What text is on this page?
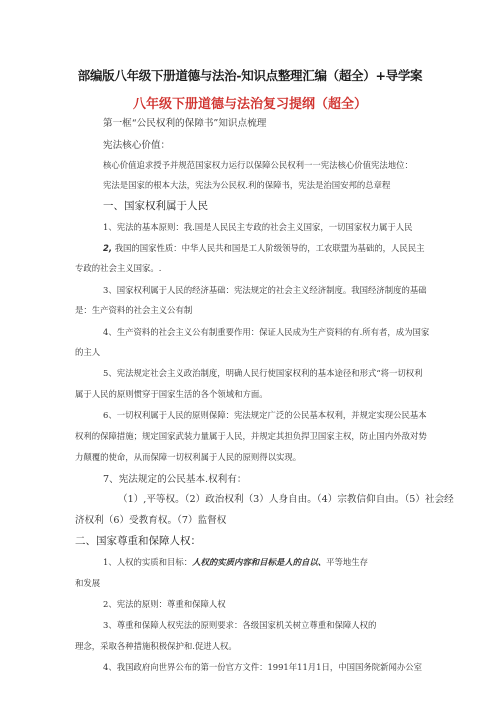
部编版八年级下册道德与法治-知识点整理汇编（超全）+导学案
八年级下册道德与法治复习提纲（超全）
第一框“公民权利的保障书”知识点梳理
宪法核心价值：
核心价值追求授予并规范国家权力运行以保障公民权利一一宪法核心价值宪法地位：
宪法是国家的根本大法，宪法为公民权.利的保障书，宪法是治国安邦的总章程
一、国家权利属于人民
1、宪法的基本原则：我.国是人民民主专政的社会主义国家，一切国家权力属于人民
2, 我国的国家性质：中华人民共和国是工人阶级领导的，工农联盟为基础的，人民民主
专政的社会主义国家。.
3、国家权利属于人民的经济基础：宪法规定的社会主义经济制度。我国经济制度的基础
是：生产资料的社会主义公有制
4、生产资料的社会主义公有制重要作用：保证人民成为生产资料的有.所有者，成为国家
的主人
5、宪法规定社会主义政治制度，明确人民行使国家权利的基本途径和形式“将一切权利
属于人民的原则惯穿于国家生活的各个领域和方面。
6、一切权利属于人民的原则保障：宪法规定广泛的公民基本权利，并规定实现公民基本
权利的保障措施；规定国家武装力量属于人民，并规定其担负捍卫国家主权，防止国内外敌对势
力颠覆的使命，从而保障一切权利属于人民的原则得以实现。
7、宪法规定的公民基本.权利有：
（1）,平等权。（2）政治权利（3）人身自由。（4）宗教信仰自由。（5）社会经
济权利（6）受教育权。（7）监督权
二、国家尊重和保障人权：
1、人权的实质和目标：人权的实质内容和目标是人的自以、平等地生存
和发展
2、宪法的原则：尊重和保障人权
3、尊重和保障人权宪法的原则要求：各级国家机关树立尊重和保障人权的
理念，采取各种措施积极保护和.促进人权。
4、我国政府向世界公布的第一份官方文件：1991年11月1日，中国国务院新闻办公室
